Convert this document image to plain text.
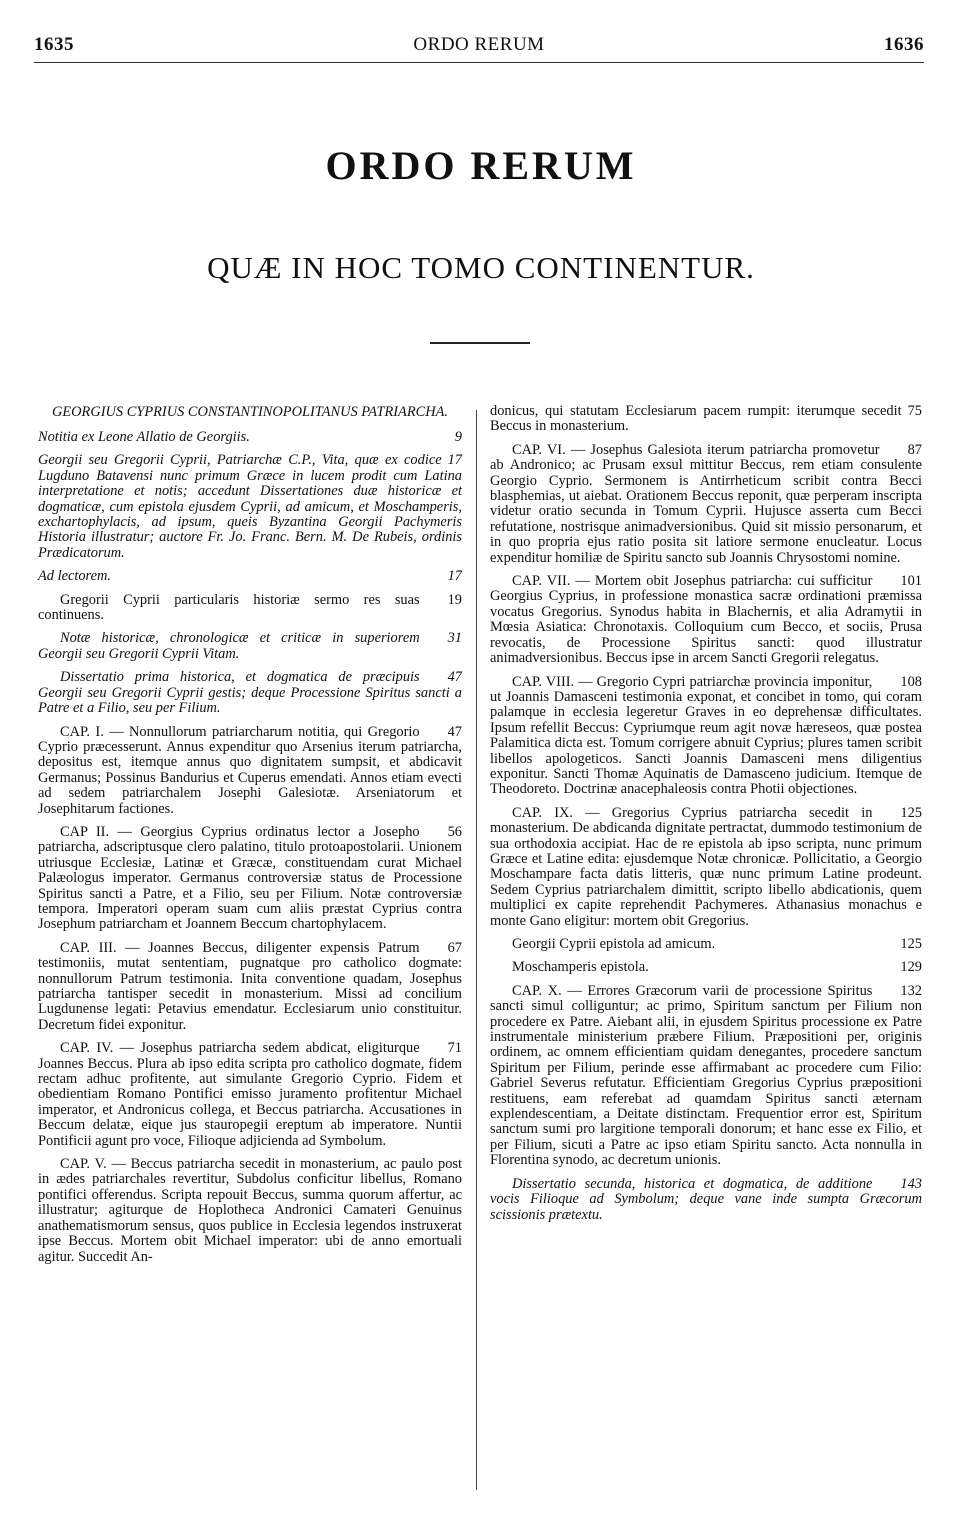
1635	ORDO RERUM	1636
ORDO RERUM
QUÆ IN HOC TOMO CONTINENTUR.
GEORGIUS CYPRIUS CONSTANTINOPOLITANUS PATRIARCHA.

9
Notitia ex Leone Allatio de Georgiis.

17
Georgii seu Gregorii Cyprii, Patriarchæ C.P., Vita, quæ ex codice Lugduno Batavensi nunc primum Græce in lucem prodit cum Latina interpretatione et notis; accedunt Dissertationes duæ historicæ et dogmaticæ, cum epistola ejusdem Cyprii, ad amicum, et Moschamperis, exchartophylacis, ad ipsum, queis Byzantina Georgii Pachymeris Historia illustratur; auctore Fr. Jo. Franc. Bern. M. De Rubeis, ordinis Prædicatorum.

17
Ad lectorem.

19
Gregorii Cyprii particularis historiæ sermo res suas continuens.

31
Notæ historicæ, chronologicæ et criticæ in superiorem Georgii seu Gregorii Cyprii Vitam.

47
Dissertatio prima historica, et dogmatica de præcipuis Georgii seu Gregorii Cyprii gestis; deque Processione Spiritus sancti a Patre et a Filio, seu per Filium.

47
CAP. I. — Nonnullorum patriarcharum notitia, qui Gregorio Cyprio præcesserunt. Annus expenditur quo Arsenius iterum patriarcha, depositus est, itemque annus quo dignitatem sumpsit, et abdicavit Germanus; Possinus Bandurius et Cuperus emendati. Annos etiam evecti ad sedem patriarchalem Josephi Galesiotæ. Arseniatorum et Josephitarum factiones.

56
CAP II. — Georgius Cyprius ordinatus lector a Josepho patriarcha, adscriptusque clero palatino, titulo protoapostolarii. Unionem utriusque Ecclesiæ, Latinæ et Græcæ, constituendam curat Michael Palæologus imperator. Germanus controversiæ status de Processione Spiritus sancti a Patre, et a Filio, seu per Filium. Notæ controversiæ tempora. Imperatori operam suam cum aliis præstat Cyprius contra Josephum patriarcham et Joannem Beccum chartophylacem.

67
CAP. III. — Joannes Beccus, diligenter expensis Patrum testimoniis, mutat sententiam, pugnatque pro catholico dogmate: nonnullorum Patrum testimonia. Inita conventione quadam, Josephus patriarcha tantisper secedit in monasterium. Missi ad concilium Lugdunense legati: Petavius emendatur. Ecclesiarum unio constituitur. Decretum fidei exponitur.

71
CAP. IV. — Josephus patriarcha sedem abdicat, eligiturque Joannes Beccus. Plura ab ipso edita scripta pro catholico dogmate, fidem rectam adhuc profitente, aut simulante Gregorio Cyprio. Fidem et obedientiam Romano Pontifici emisso juramento profitentur Michael imperator, et Andronicus collega, et Beccus patriarcha. Accusationes in Beccum delatæ, eique jus stauropegii ereptum ab imperatore. Nuntii Pontificii agunt pro voce, Filioque adjicienda ad Symbolum.

CAP. V. — Beccus patriarcha secedit in monasterium, ac paulo post in ædes patriarchales revertitur, Subdolus conficitur libellus, Romano pontifici offerendus. Scripta repouit Beccus, summa quorum affertur, ac illustratur; agiturque de Hoplotheca Andronici Camateri Genuinus anathematismorum sensus, quos publice in Ecclesia legendos instruxerat ipse Beccus. Mortem obit Michael imperator: ubi de anno emortuali agitur. Succedit An-

75
donicus, qui statutam Ecclesiarum pacem rumpit: iterumque secedit Beccus in monasterium.

87
CAP. VI. — Josephus Galesiota iterum patriarcha promovetur ab Andronico; ac Prusam exsul mittitur Beccus, rem etiam consulente Georgio Cyprio. Sermonem is Antirrheticum scribit contra Becci blasphemias, ut aiebat. Orationem Beccus reponit, quæ perperam inscripta videtur oratio secunda in Tomum Cyprii. Hujusce asserta cum Becci refutatione, nostrisque animadversionibus. Quid sit missio personarum, et in quo propria ejus ratio posita sit latiore sermone enucleatur. Locus expenditur homiliæ de Spiritu sancto sub Joannis Chrysostomi nomine.

101
CAP. VII. — Mortem obit Josephus patriarcha: cui sufficitur Georgius Cyprius, in professione monastica sacræ ordinationi præmissa vocatus Gregorius. Synodus habita in Blachernis, et alia Adramytii in Mœsia Asiatica: Chronotaxis. Colloquium cum Becco, et sociis, Prusa revocatis, de Processione Spiritus sancti: quod illustratur animadversionibus. Beccus ipse in arcem Sancti Gregorii relegatus.

108
CAP. VIII. — Gregorio Cypri patriarchæ provincia imponitur, ut Joannis Damasceni testimonia exponat, et concibet in tomo, qui coram palamque in ecclesia legeretur Graves in eo deprehensæ difficultates. Ipsum refellit Beccus: Cypriumque reum agit novæ hæreseos, quæ postea Palamitica dicta est. Tomum corrigere abnuit Cyprius; plures tamen scribit libellos apologeticos. Sancti Joannis Damasceni mens diligentius exponitur. Sancti Thomæ Aquinatis de Damasceno judicium. Itemque de Theodoreto. Doctrinæ anacephaleosis contra Photii objectiones.

125
CAP. IX. — Gregorius Cyprius patriarcha secedit in monasterium. De abdicanda dignitate pertractat, dummodo testimonium de sua orthodoxia accipiat. Hac de re epistola ab ipso scripta, nunc primum Græce et Latine edita: ejusdemque Notæ chronicæ. Pollicitatio, a Georgio Moschampare facta datis litteris, quæ nunc primum Latine prodeunt. Sedem Cyprius patriarchalem dimittit, scripto libello abdicationis, quem multiplici ex capite reprehendit Pachymeres. Athanasius monachus e monte Gano eligitur: mortem obit Gregorius.

125
Georgii Cyprii epistola ad amicum.

129
Moschamperis epistola.

132
CAP. X. — Errores Græcorum varii de processione Spiritus sancti simul colliguntur; ac primo, Spiritum sanctum per Filium non procedere ex Patre. Aiebant alii, in ejusdem Spiritus processione ex Patre instrumentale ministerium præbere Filium. Præpositioni per, originis ordinem, ac omnem efficientiam quidam denegantes, procedere sanctum Spiritum per Filium, perinde esse affirmabant ac procedere cum Filio: Gabriel Severus refutatur. Efficientiam Gregorius Cyprius præpositioni restituens, eam referebat ad quamdam Spiritus sancti æternam explendescentiam, a Deitate distinctam. Frequentior error est, Spiritum sanctum sumi pro largitione temporali donorum; et hanc esse ex Filio, et per Filium, sicuti a Patre ac ipso etiam Spiritu sancto. Acta nonnulla in Florentina synodo, ac decretum unionis.

143
Dissertatio secunda, historica et dogmatica, de additione vocis Filioque ad Symbolum; deque vane inde sumpta Græcorum scissionis prætextu.
